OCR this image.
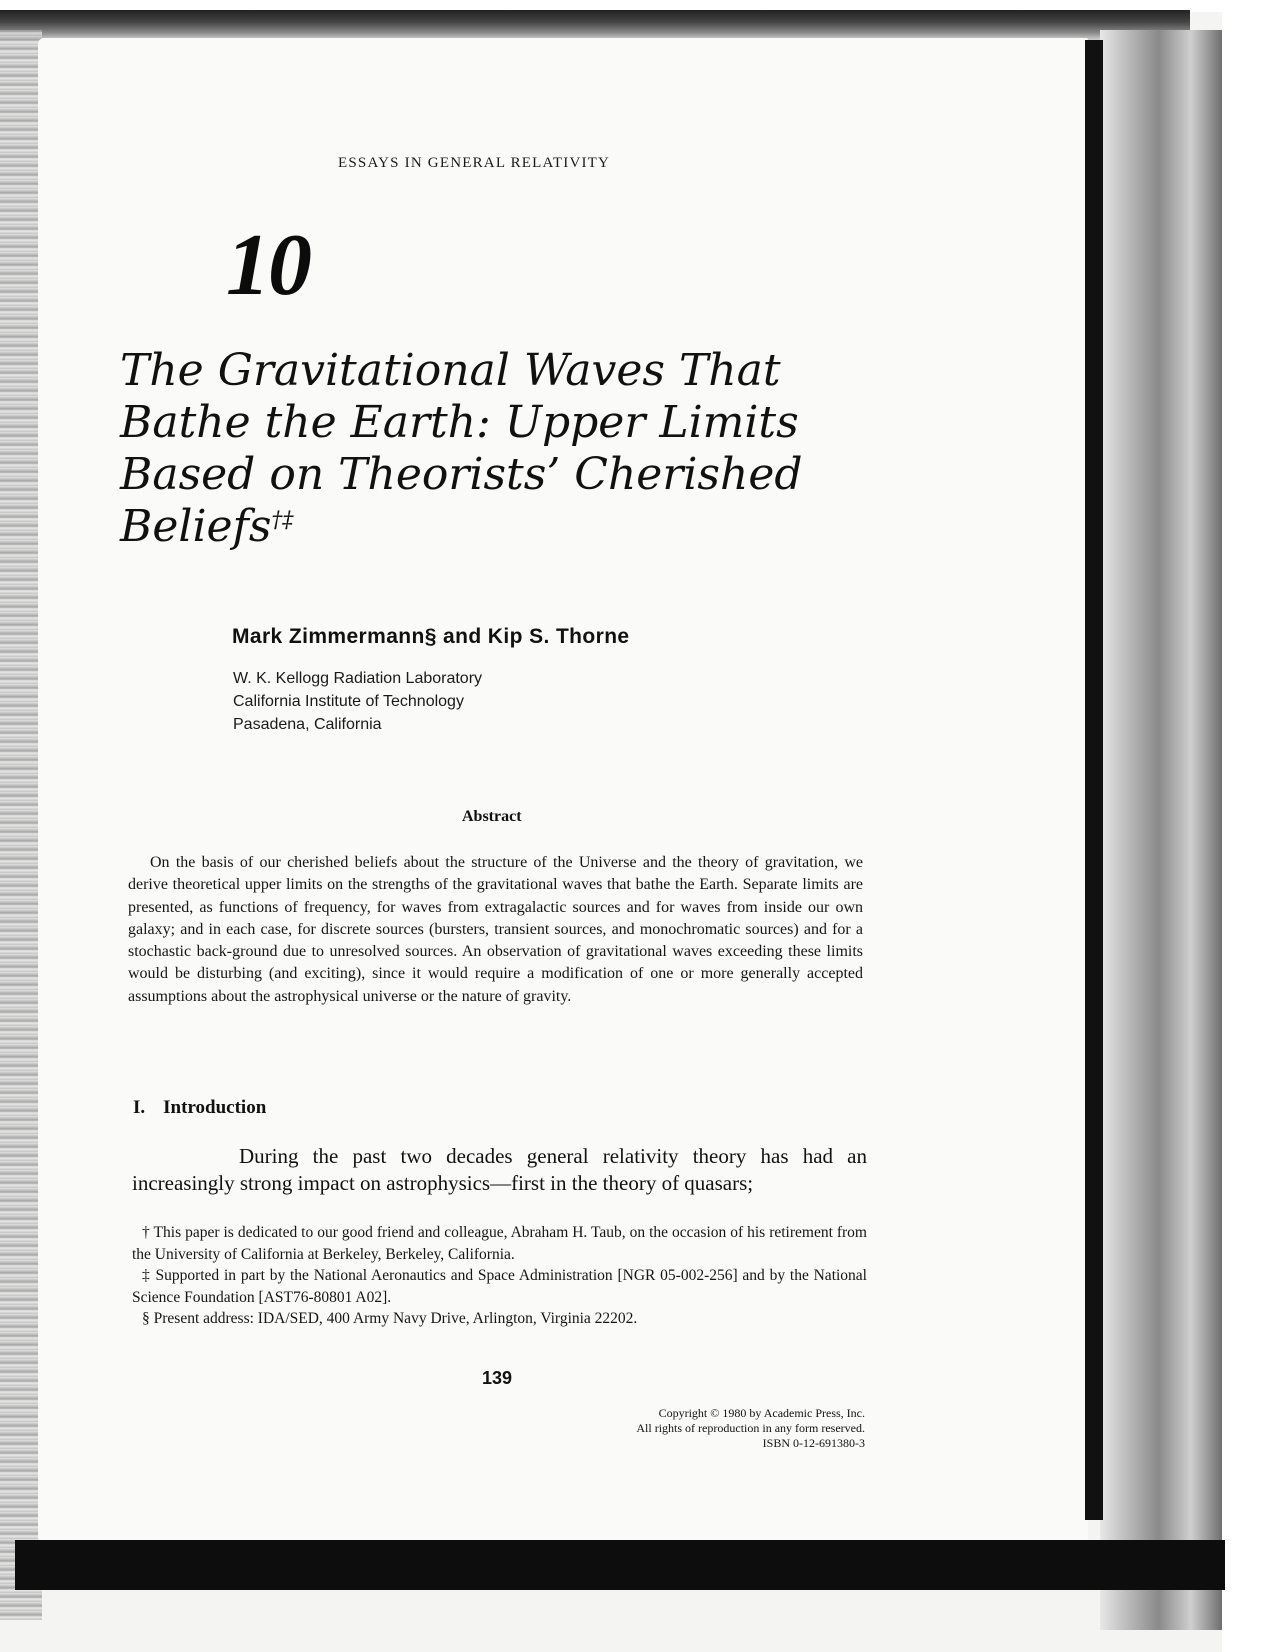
ESSAYS IN GENERAL RELATIVITY
10
The Gravitational Waves That
Bathe the Earth: Upper Limits
Based on Theorists’ Cherished
Beliefs†‡
Mark Zimmermann§ and Kip S. Thorne
W. K. Kellogg Radiation Laboratory
California Institute of Technology
Pasadena, California
Abstract
On the basis of our cherished beliefs about the structure of the Universe and the theory of gravitation, we derive theoretical upper limits on the strengths of the gravitational waves that bathe the Earth. Separate limits are presented, as functions of frequency, for waves from extragalactic sources and for waves from inside our own galaxy; and in each case, for discrete sources (bursters, transient sources, and monochromatic sources) and for a stochastic back-ground due to unresolved sources. An observation of gravitational waves exceeding these limits would be disturbing (and exciting), since it would require a modification of one or more generally accepted assumptions about the astrophysical universe or the nature of gravity.
I. Introduction
During the past two decades general relativity theory has had an increasingly strong impact on astrophysics—first in the theory of quasars;
† This paper is dedicated to our good friend and colleague, Abraham H. Taub, on the occasion of his retirement from the University of California at Berkeley, Berkeley, California.
‡ Supported in part by the National Aeronautics and Space Administration [NGR 05-002-256] and by the National Science Foundation [AST76-80801 A02].
§ Present address: IDA/SED, 400 Army Navy Drive, Arlington, Virginia 22202.
139
Copyright © 1980 by Academic Press, Inc.
All rights of reproduction in any form reserved.
ISBN 0-12-691380-3
